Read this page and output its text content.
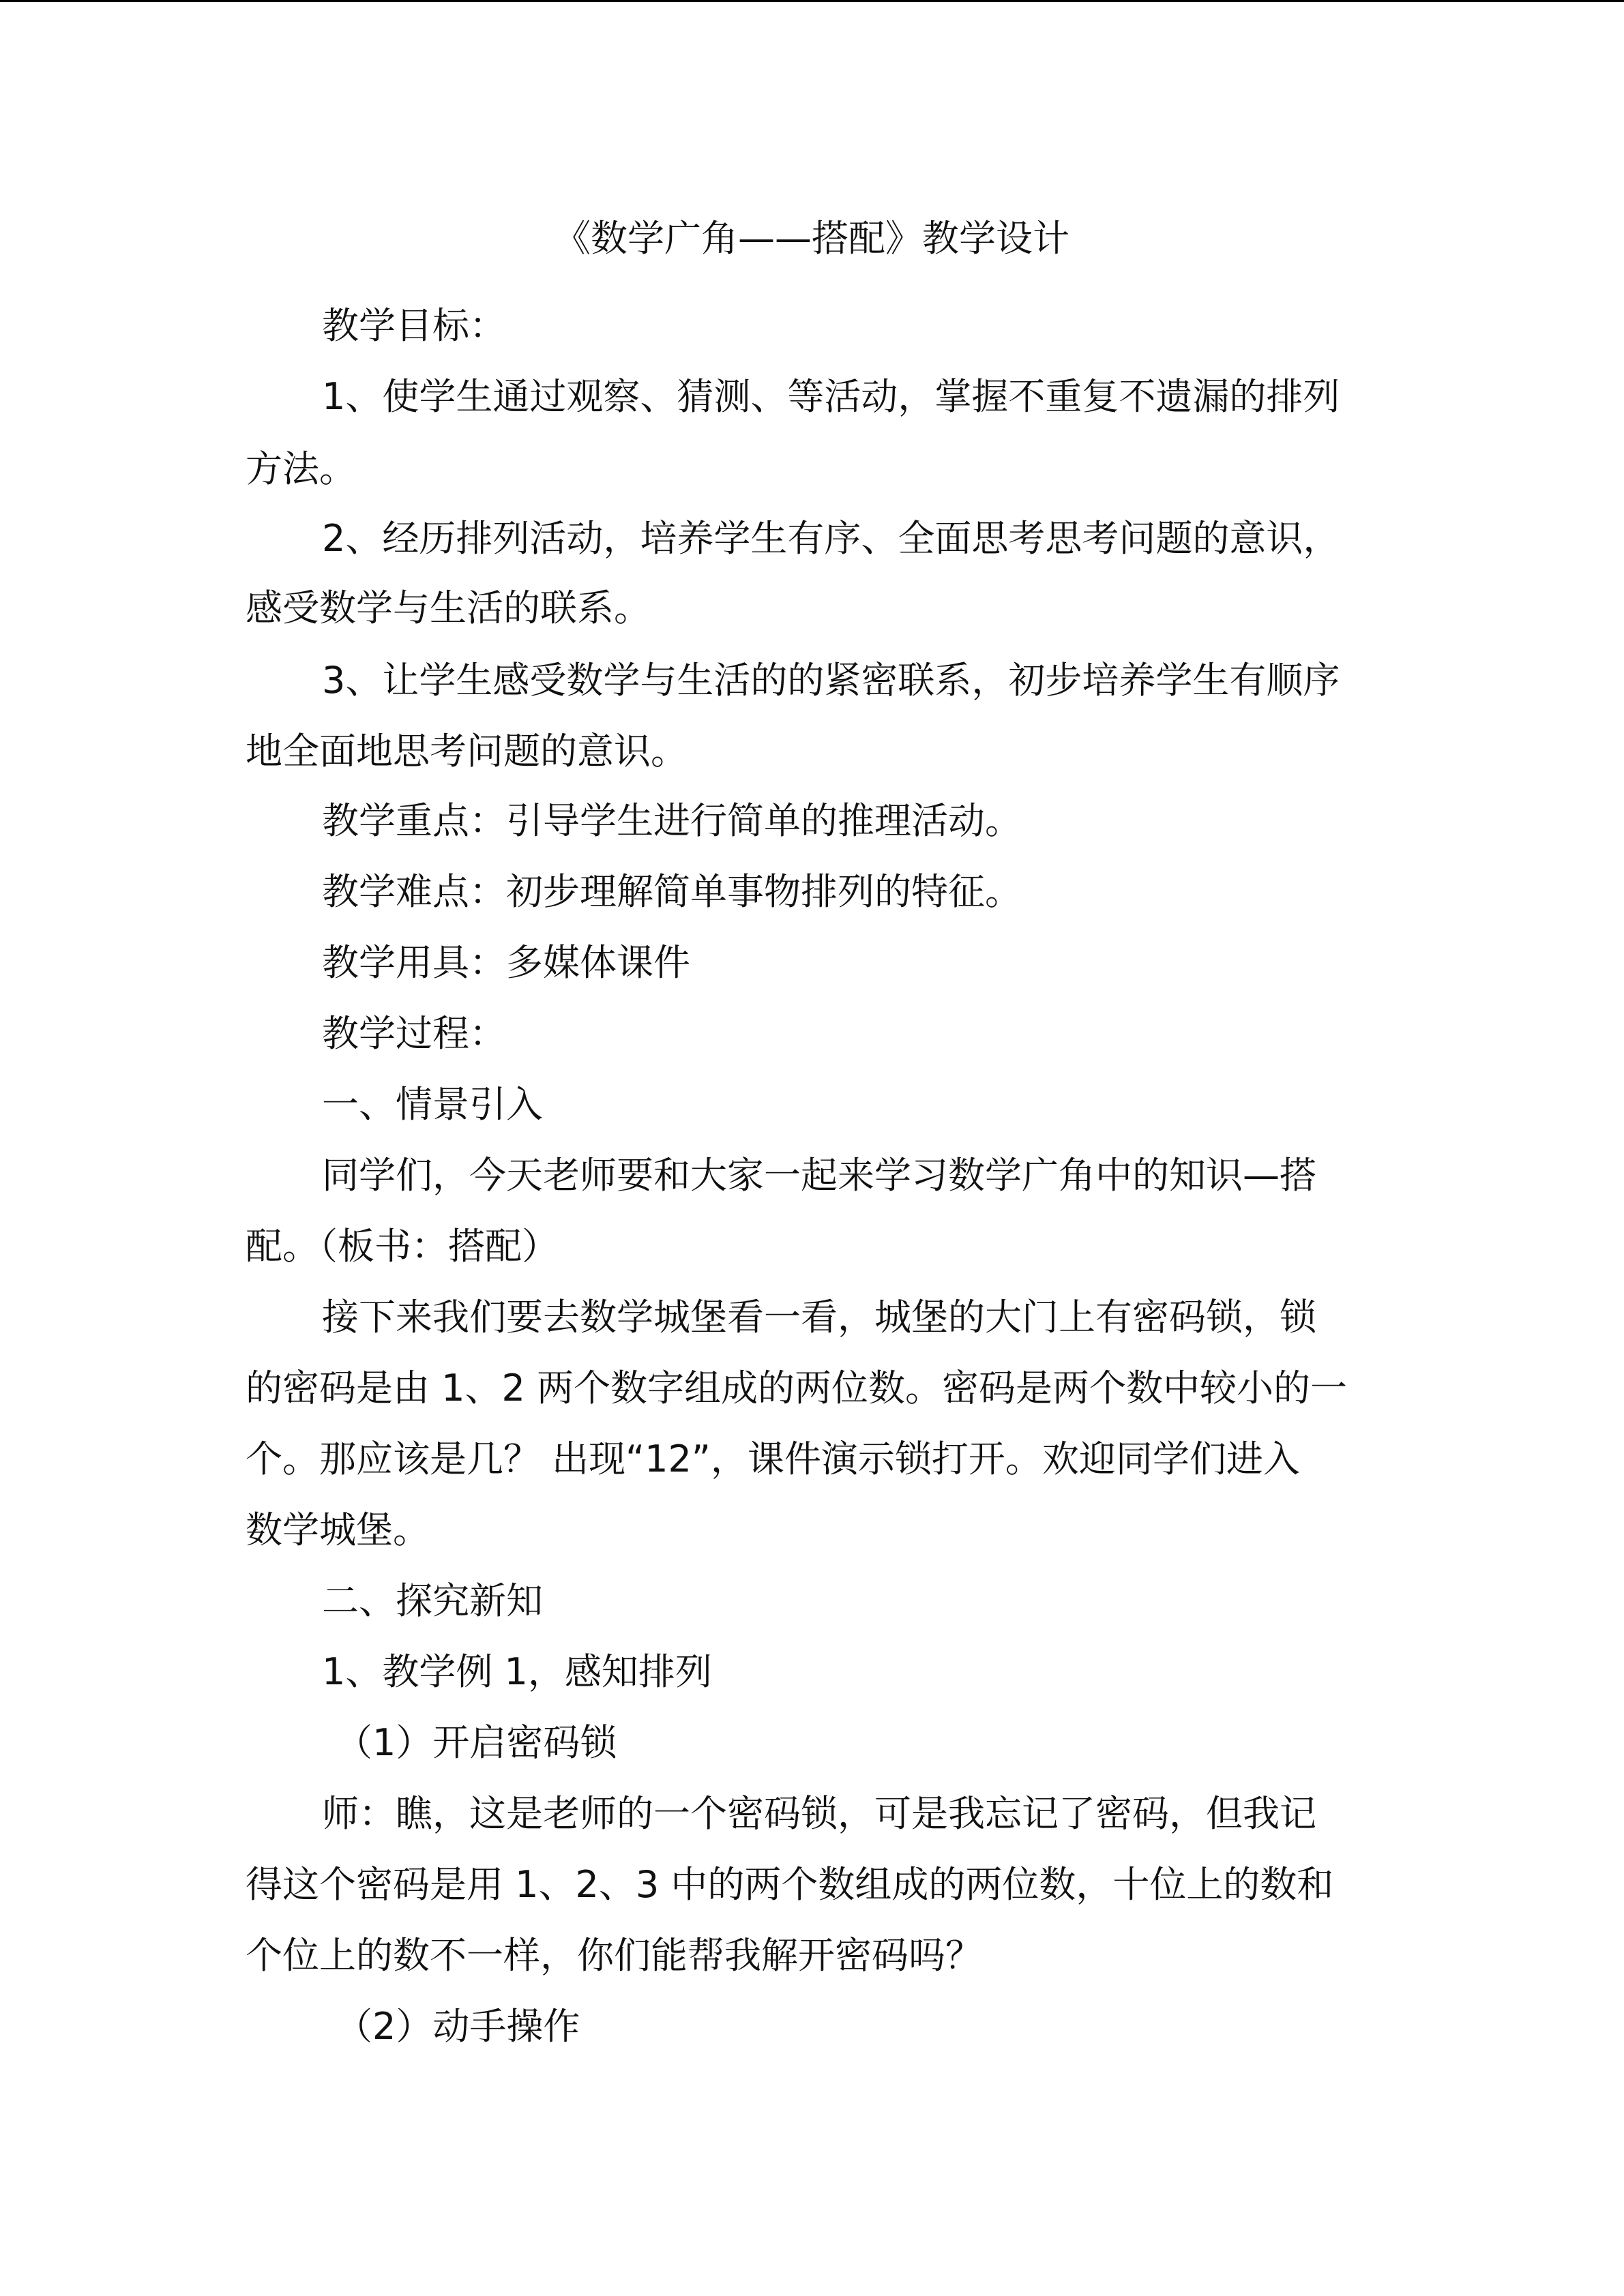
《数学广角——搭配》教学设计
教学目标：
1、使学生通过观察、猜测、等活动，掌握不重复不遗漏的排列
方法。
2、经历排列活动，培养学生有序、全面思考思考问题的意识，
感受数学与生活的联系。
3、让学生感受数学与生活的的紧密联系，初步培养学生有顺序
地全面地思考问题的意识。
教学重点：引导学生进行简单的推理活动。
教学难点：初步理解简单事物排列的特征。
教学用具：多媒体课件
教学过程：
一、情景引入
同学们，今天老师要和大家一起来学习数学广角中的知识—搭
配。（板书：搭配）
接下来我们要去数学城堡看一看，城堡的大门上有密码锁，锁
的密码是由 1、2 两个数字组成的两位数。密码是两个数中较小的一
个。那应该是几？ 出现“12”，课件演示锁打开。欢迎同学们进入
数学城堡。
二、探究新知
1、教学例 1，感知排列
（1）开启密码锁
师：瞧，这是老师的一个密码锁，可是我忘记了密码，但我记
得这个密码是用 1、2、3 中的两个数组成的两位数，十位上的数和
个位上的数不一样，你们能帮我解开密码吗？
（2）动手操作
